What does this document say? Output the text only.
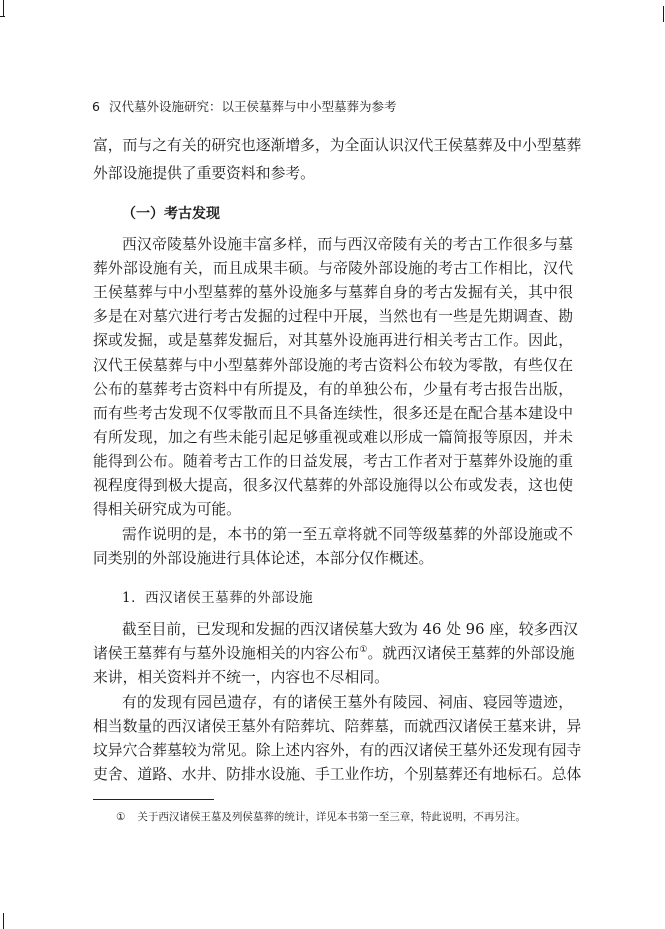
6 汉代墓外设施研究：以王侯墓葬与中小型墓葬为参考
富，而与之有关的研究也逐渐增多，为全面认识汉代王侯墓葬及中小型墓葬
外部设施提供了重要资料和参考。
（一）考古发现
西汉帝陵墓外设施丰富多样，而与西汉帝陵有关的考古工作很多与墓
葬外部设施有关，而且成果丰硕。与帝陵外部设施的考古工作相比，汉代
王侯墓葬与中小型墓葬的墓外设施多与墓葬自身的考古发掘有关，其中很
多是在对墓穴进行考古发掘的过程中开展，当然也有一些是先期调查、勘
探或发掘，或是墓葬发掘后，对其墓外设施再进行相关考古工作。因此，
汉代王侯墓葬与中小型墓葬外部设施的考古资料公布较为零散，有些仅在
公布的墓葬考古资料中有所提及，有的单独公布，少量有考古报告出版，
而有些考古发现不仅零散而且不具备连续性，很多还是在配合基本建设中
有所发现，加之有些未能引起足够重视或难以形成一篇简报等原因，并未
能得到公布。随着考古工作的日益发展，考古工作者对于墓葬外设施的重
视程度得到极大提高，很多汉代墓葬的外部设施得以公布或发表，这也使
得相关研究成为可能。
需作说明的是，本书的第一至五章将就不同等级墓葬的外部设施或不
同类别的外部设施进行具体论述，本部分仅作概述。
1．西汉诸侯王墓葬的外部设施
截至目前，已发现和发掘的西汉诸侯墓大致为 46 处 96 座，较多西汉
诸侯王墓葬有与墓外设施相关的内容公布①。就西汉诸侯王墓葬的外部设施
来讲，相关资料并不统一，内容也不尽相同。
有的发现有园邑遗存，有的诸侯王墓外有陵园、祠庙、寝园等遗迹，
相当数量的西汉诸侯王墓外有陪葬坑、陪葬墓，而就西汉诸侯王墓来讲，异
坟异穴合葬墓较为常见。除上述内容外，有的西汉诸侯王墓外还发现有园寺
吏舍、道路、水井、防排水设施、手工业作坊，个别墓葬还有地标石。总体
① 关于西汉诸侯王墓及列侯墓葬的统计，详见本书第一至三章，特此说明，不再另注。
